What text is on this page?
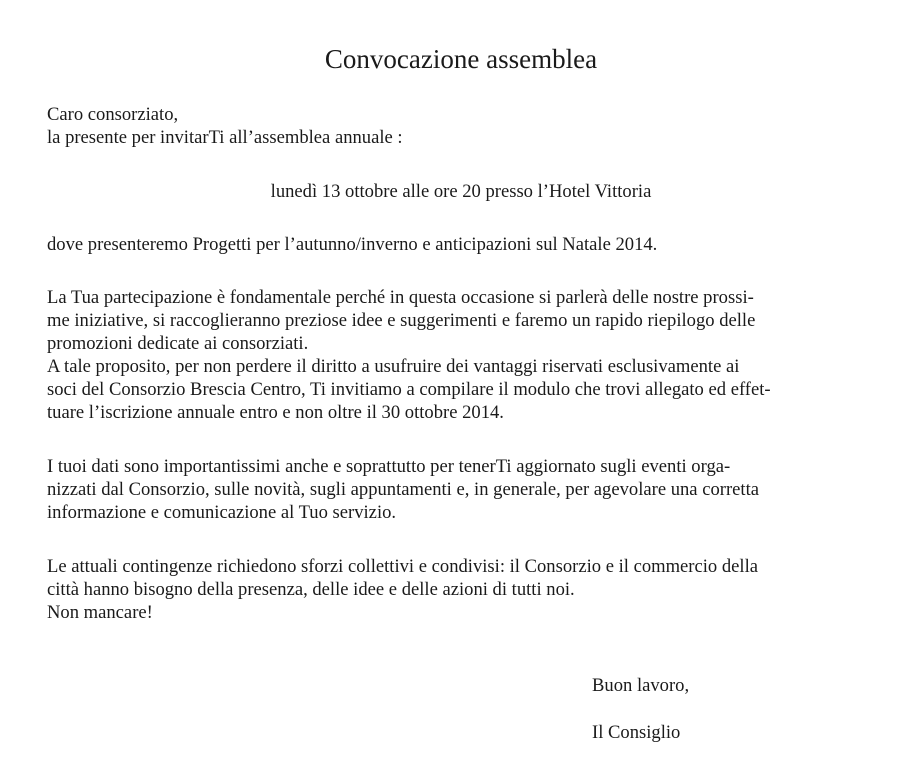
Convocazione assemblea
Caro consorziato,
la presente per invitarTi all’assemblea annuale :
lunedì 13 ottobre alle ore 20 presso l’Hotel Vittoria
dove presenteremo Progetti per l’autunno/inverno e anticipazioni sul Natale 2014.
La Tua partecipazione è fondamentale perché in questa occasione si parlerà delle nostre prossi-
me iniziative, si raccoglieranno preziose idee e suggerimenti e faremo un rapido riepilogo delle
promozioni dedicate ai consorziati.
A tale proposito, per non perdere il diritto a usufruire dei vantaggi riservati esclusivamente ai
soci del Consorzio Brescia Centro, Ti invitiamo a compilare il modulo che trovi allegato ed effet-
tuare l’iscrizione annuale entro e non oltre il 30 ottobre 2014.
I tuoi dati sono importantissimi anche e soprattutto per tenerTi aggiornato sugli eventi orga-
nizzati dal Consorzio, sulle novità, sugli appuntamenti e, in generale, per agevolare una corretta
informazione e comunicazione al Tuo servizio.
Le attuali contingenze richiedono sforzi collettivi e condivisi: il Consorzio e il commercio della
città hanno bisogno della presenza, delle idee e delle azioni di tutti noi.
Non mancare!
Buon lavoro,
Il Consiglio
